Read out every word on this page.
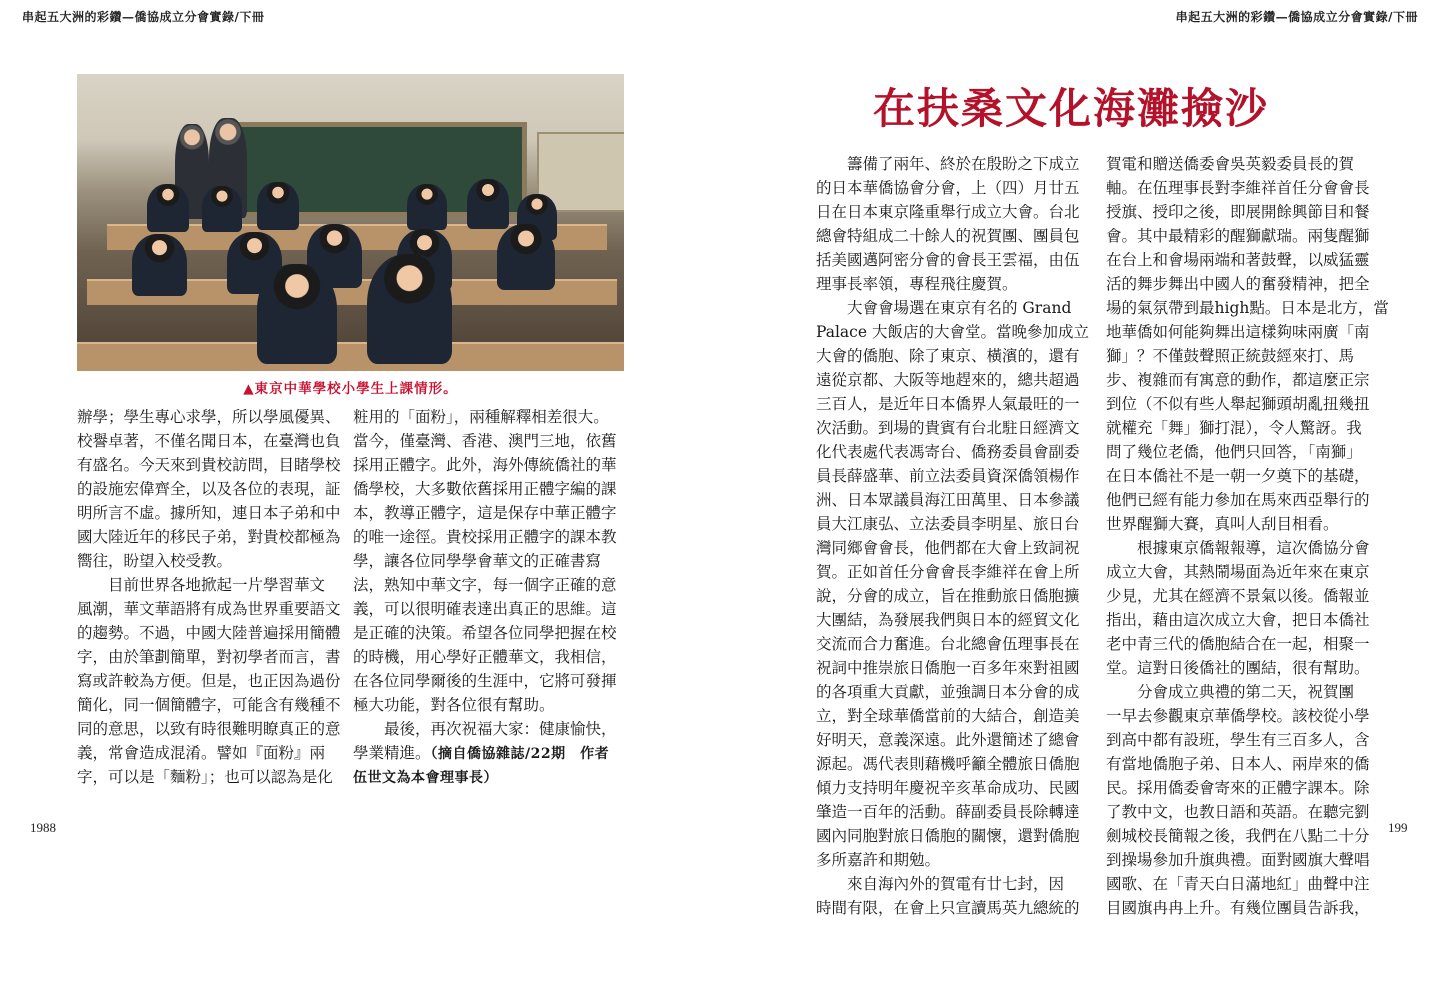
串起五大洲的彩鑽—僑協成立分會實錄/下冊	串起五大洲的彩鑽—僑協成立分會實錄/下冊
▲東京中華學校小學生上課情形。

辦學；學生專心求學，所以學風優異、

校譽卓著，不僅名聞日本，在臺灣也負

有盛名。今天來到貴校訪問，目睹學校

的設施宏偉齊全，以及各位的表現，証

明所言不虛。據所知，連日本子弟和中

國大陸近年的移民子弟，對貴校都極為

嚮往，盼望入校受教。

　　目前世界各地掀起一片學習華文

風潮，華文華語將有成為世界重要語文

的趨勢。不過，中國大陸普遍採用簡體

字，由於筆劃簡單，對初學者而言，書

寫或許較為方便。但是，也正因為過份

簡化，同一個簡體字，可能含有幾種不

同的意思，以致有時很難明瞭真正的意

義，常會造成混淆。譬如『面粉』兩

字，可以是「麵粉」；也可以認為是化

粧用的「面粉」，兩種解釋相差很大。

當今，僅臺灣、香港、澳門三地，依舊

採用正體字。此外，海外傳統僑社的華

僑學校，大多數依舊採用正體字編的課

本，教導正體字，這是保存中華正體字

的唯一途徑。貴校採用正體字的課本教

學，讓各位同學學會華文的正確書寫

法，熟知中華文字，每一個字正確的意

義，可以很明確表達出真正的思維。這

是正確的決策。希望各位同學把握在校

的時機，用心學好正體華文，我相信，

在各位同學爾後的生涯中，它將可發揮

極大功能，對各位很有幫助。

　　最後，再次祝福大家：健康愉快，

學業精進。（摘自僑協雜誌/22期　作者

伍世文為本會理事長）

1988	199
在扶桑文化海灘撿沙

　　籌備了兩年、終於在殷盼之下成立

的日本華僑協會分會，上（四）月廿五

日在日本東京隆重舉行成立大會。台北

總會特組成二十餘人的祝賀團、團員包

括美國邁阿密分會的會長王雲福，由伍

理事長率領，專程飛往慶賀。

　　大會會場選在東京有名的 Grand

Palace 大飯店的大會堂。當晚參加成立

大會的僑胞、除了東京、橫濱的，還有

遠從京都、大阪等地趕來的，總共超過

三百人，是近年日本僑界人氣最旺的一

次活動。到場的貴賓有台北駐日經濟文

化代表處代表馮寄台、僑務委員會副委

員長薛盛華、前立法委員資深僑領楊作

洲、日本眾議員海江田萬里、日本參議

員大江康弘、立法委員李明星、旅日台

灣同鄉會會長，他們都在大會上致詞祝

賀。正如首任分會會長李維祥在會上所

說，分會的成立，旨在推動旅日僑胞擴

大團結，為發展我們與日本的經貿文化

交流而合力奮進。台北總會伍理事長在

祝詞中推崇旅日僑胞一百多年來對祖國

的各項重大貢獻，並強調日本分會的成

立，對全球華僑當前的大結合，創造美

好明天，意義深遠。此外還簡述了總會

源起。馮代表則藉機呼籲全體旅日僑胞

傾力支持明年慶祝辛亥革命成功、民國

肇造一百年的活動。薛副委員長除轉達

國內同胞對旅日僑胞的關懷，還對僑胞

多所嘉許和期勉。

　　來自海內外的賀電有廿七封，因

時間有限，在會上只宣讀馬英九總統的

賀電和贈送僑委會吳英毅委員長的賀

軸。在伍理事長對李維祥首任分會會長

授旗、授印之後，即展開餘興節目和餐

會。其中最精彩的醒獅獻瑞。兩隻醒獅

在台上和會場兩端和著鼓聲，以威猛靈

活的舞步舞出中國人的奮發精神，把全

場的氣氛帶到最high點。日本是北方，當

地華僑如何能夠舞出這樣夠味兩廣「南

獅」？不僅鼓聲照正統鼓經來打、馬

步、複雜而有寓意的動作，都這麼正宗

到位（不似有些人舉起獅頭胡亂扭幾扭

就權充「舞」獅打混），令人驚訝。我

問了幾位老僑，他們只回答，「南獅」

在日本僑社不是一朝一夕奠下的基礎，

他們已經有能力參加在馬來西亞舉行的

世界醒獅大賽，真叫人刮目相看。

　　根據東京僑報報導，這次僑協分會

成立大會，其熱鬧場面為近年來在東京

少見，尤其在經濟不景氣以後。僑報並

指出，藉由這次成立大會，把日本僑社

老中青三代的僑胞結合在一起，相聚一

堂。這對日後僑社的團結，很有幫助。

　　分會成立典禮的第二天，祝賀團

一早去參觀東京華僑學校。該校從小學

到高中都有設班，學生有三百多人，含

有當地僑胞子弟、日本人、兩岸來的僑

民。採用僑委會寄來的正體字課本。除

了教中文，也教日語和英語。在聽完劉

劍城校長簡報之後，我們在八點二十分

到操場參加升旗典禮。面對國旗大聲唱

國歌、在「青天白日滿地紅」曲聲中注

目國旗冉冉上升。有幾位團員告訴我，
